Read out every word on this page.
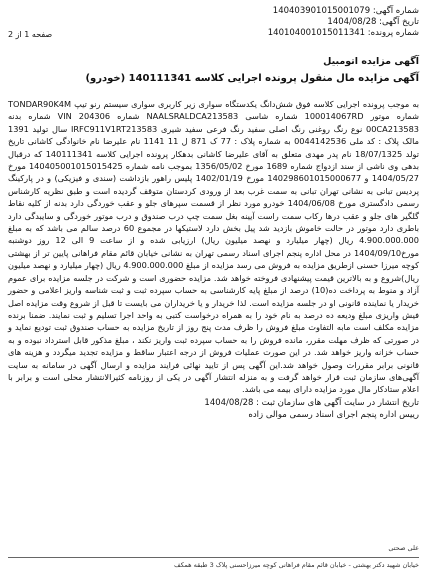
شماره آگهی: 140403901015001079
تاریخ آگهی: 1404/08/28
شماره پرونده: 140104001015011341
صفحه 1 از 2
آگهی مزایده اتومبیل
آگهی مزایده مال منقول پرونده اجرایی کلاسه 140111341 (خودرو)
به موجب پرونده اجرایی کلاسه فوق شش‌دانگ یکدستگاه سواری زیر کاربری سواری سیستم رنو تیپ TONDAR90K4M شماره موتور 100014067RD شماره شاسی NAALSRALDCA213583 شماره VIN 204306 شماره بدنه 00CA213583 نوع رنگ روغنی رنگ اصلی سفید رنگ فرعی سفید شیری IRFC911V1RT213583 سال تولید 1391 مالک پلاک : کد ملی 0044142536 به شماره پلاک : 77 ک 871 ل 11 1141 نام علیرضا نام خانوادگی کاشانی تاریخ تولد 18/07/1325 نام پدر مهدی متعلق به آقای علیرضا کاشانی بدهکار پرونده اجرایی کلاسه 140111341 که درقبال بدهی وی ناشی از سند ازدواج شماره 1689 مورخ 1356/05/02 بموجب نامه شماره 140405001015015425 مورخ 1404/05/27 و 140298601015000677 مورخ 1402/01/19 پلیس راهور بازداشت (سندی و فیزیکی) و در پارکینگ پردیس تبانی به نشانی تهران تبانی به سمت غرب بعد از ورودی کردستان متوقف گردیده است و طبق نظریه کارشناس رسمی دادگستری مورخ 1404/06/08 خودرو مورد نظر از قسمت سپرهای جلو و عقب خوردگی دارد بدنه از کلیه نقاط گلگیر های جلو و عقب درها رکاب سمت راست آیینه بغل سمت چپ درب صندوق و درب موتور خوردگی و سایبدگی دارد باطری دارد موتور در حالت خاموش بازدید شد پیل بخش دارد لاستیکها در مجموع 60 درصد سالم می باشد که به مبلغ 4.900.000.000 ریال (چهار میلیارد و نهصد میلیون ریال) ارزیابی شده و از ساعت 9 الی 12 روز دوشنبه مورخ1404/09/10 در محل اداره پنجم اجرای اسناد رسمی تهران به نشانی خیابان قائم مقام فراهانی پایین تر از بهشتی کوچه میرزا حسنی ازطریق مزایده به فروش می رسد مزایده از مبلغ 4.900.000.000 ریال (چهار میلیارد و نهصد میلیون ریال)شروع و به بالاترین قیمت پیشنهادی فروخته خواهد شد. مزایده حضوری است و شرکت در جلسه مزایده برای عموم آزاد و منوط به پرداخت ده(10) درصد از مبلغ پایه کارشناسی به حساب سپرده ثبت و ثبت شناسه واریز اعلامی و حضور خریدار یا نماینده قانونی او در جلسه مزایده است. لذا خریدار و یا خریداران می بایست تا قبل از شروع وقت مزایده اصل فیش واریزی مبلغ ودیعه ده درصد به نام خود را به همراه درخواست کتبی به واحد اجرا تسلیم و ثبت نمایند. ضمنا برنده مزایده مکلف است مابه التفاوت مبلغ فروش را ظرف مدت پنج روز از تاریخ مزایده به حساب صندوق ثبت تودیع نماید و در صورتی که ظرف مهلت مقرر، مانده فروش را به حساب سپرده ثبت واریز نکند ، مبلغ مذکور قابل استرداد نبوده و به حساب خزانه واریز خواهد شد. در این صورت عملیات فروش از درجه اعتبار ساقط و مزایده تجدید میگردد و هزینه های قانونی برابر مقررات وصول خواهد شد.این آگهی پس از تایید نهائی فرایند مزایده و ارسال آگهی در سامانه به سایت آگهی‌های سازمان ثبت قرار خواهد گرفت و به منزله انتشار آگهی در یکی از روزنامه کثیرالانتشار محلی است و برابر با اعلام ستادکار مال مورد مزایده دارای بیمه می باشد.
تاریخ انتشار در سایت آگهی های سازمان ثبت : 1404/08/28
رییس اداره پنجم اجرای اسناد رسمی موالی زاده
علی صحتی
خیابان شهید دکتر بهشتی - خیابان قائم مقام فراهانی کوچه میرزاحسنی پلاک 3 طبقه همکف
